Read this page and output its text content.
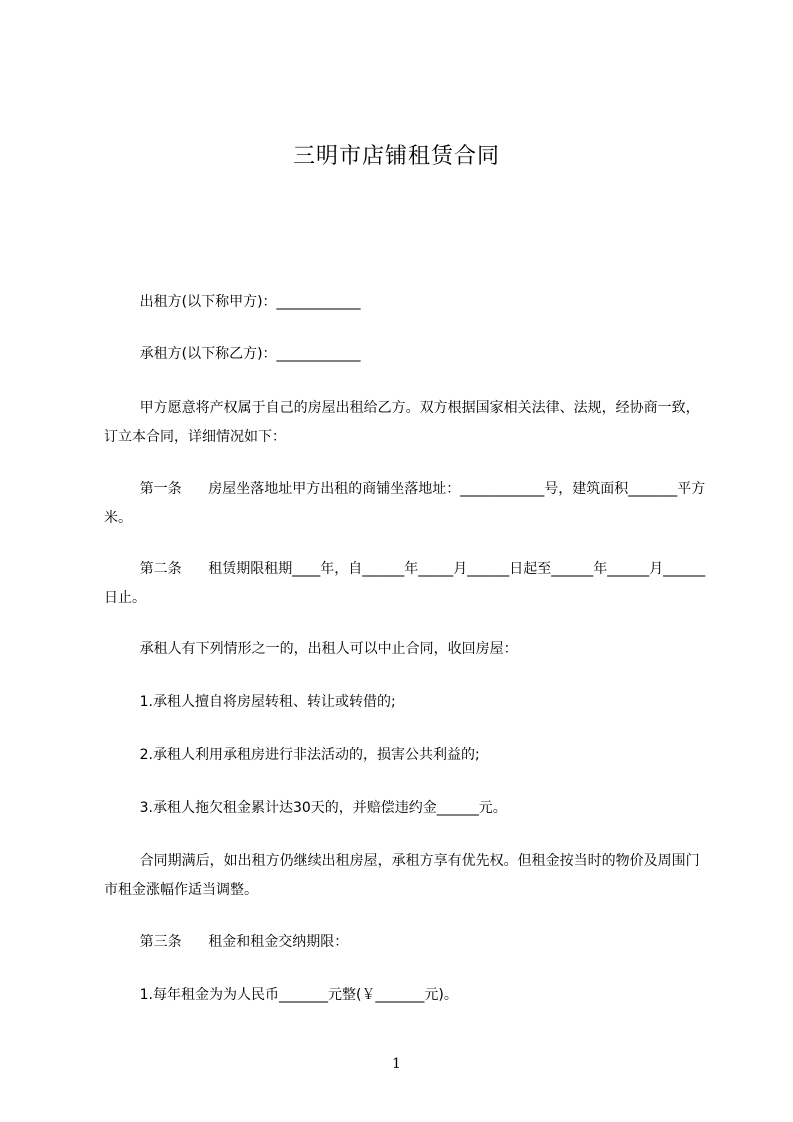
三明市店铺租赁合同
出租方(以下称甲方)：____________
承租方(以下称乙方)：____________
甲方愿意将产权属于自己的房屋出租给乙方。双方根据国家相关法律、法规，经协商一致，订立本合同，详细情况如下：
第一条      房屋坐落地址甲方出租的商铺坐落地址：____________号，建筑面积_______平方米。
第二条      租赁期限租期____年，自______年_____月______日起至______年______月______日止。
承租人有下列情形之一的，出租人可以中止合同，收回房屋：
1.承租人擅自将房屋转租、转让或转借的;
2.承租人利用承租房进行非法活动的，损害公共利益的;
3.承租人拖欠租金累计达30天的，并赔偿违约金______元。
合同期满后，如出租方仍继续出租房屋，承租方享有优先权。但租金按当时的物价及周围门市租金涨幅作适当调整。
第三条      租金和租金交纳期限：
1.每年租金为为人民币_______元整(￥_______元)。
1
